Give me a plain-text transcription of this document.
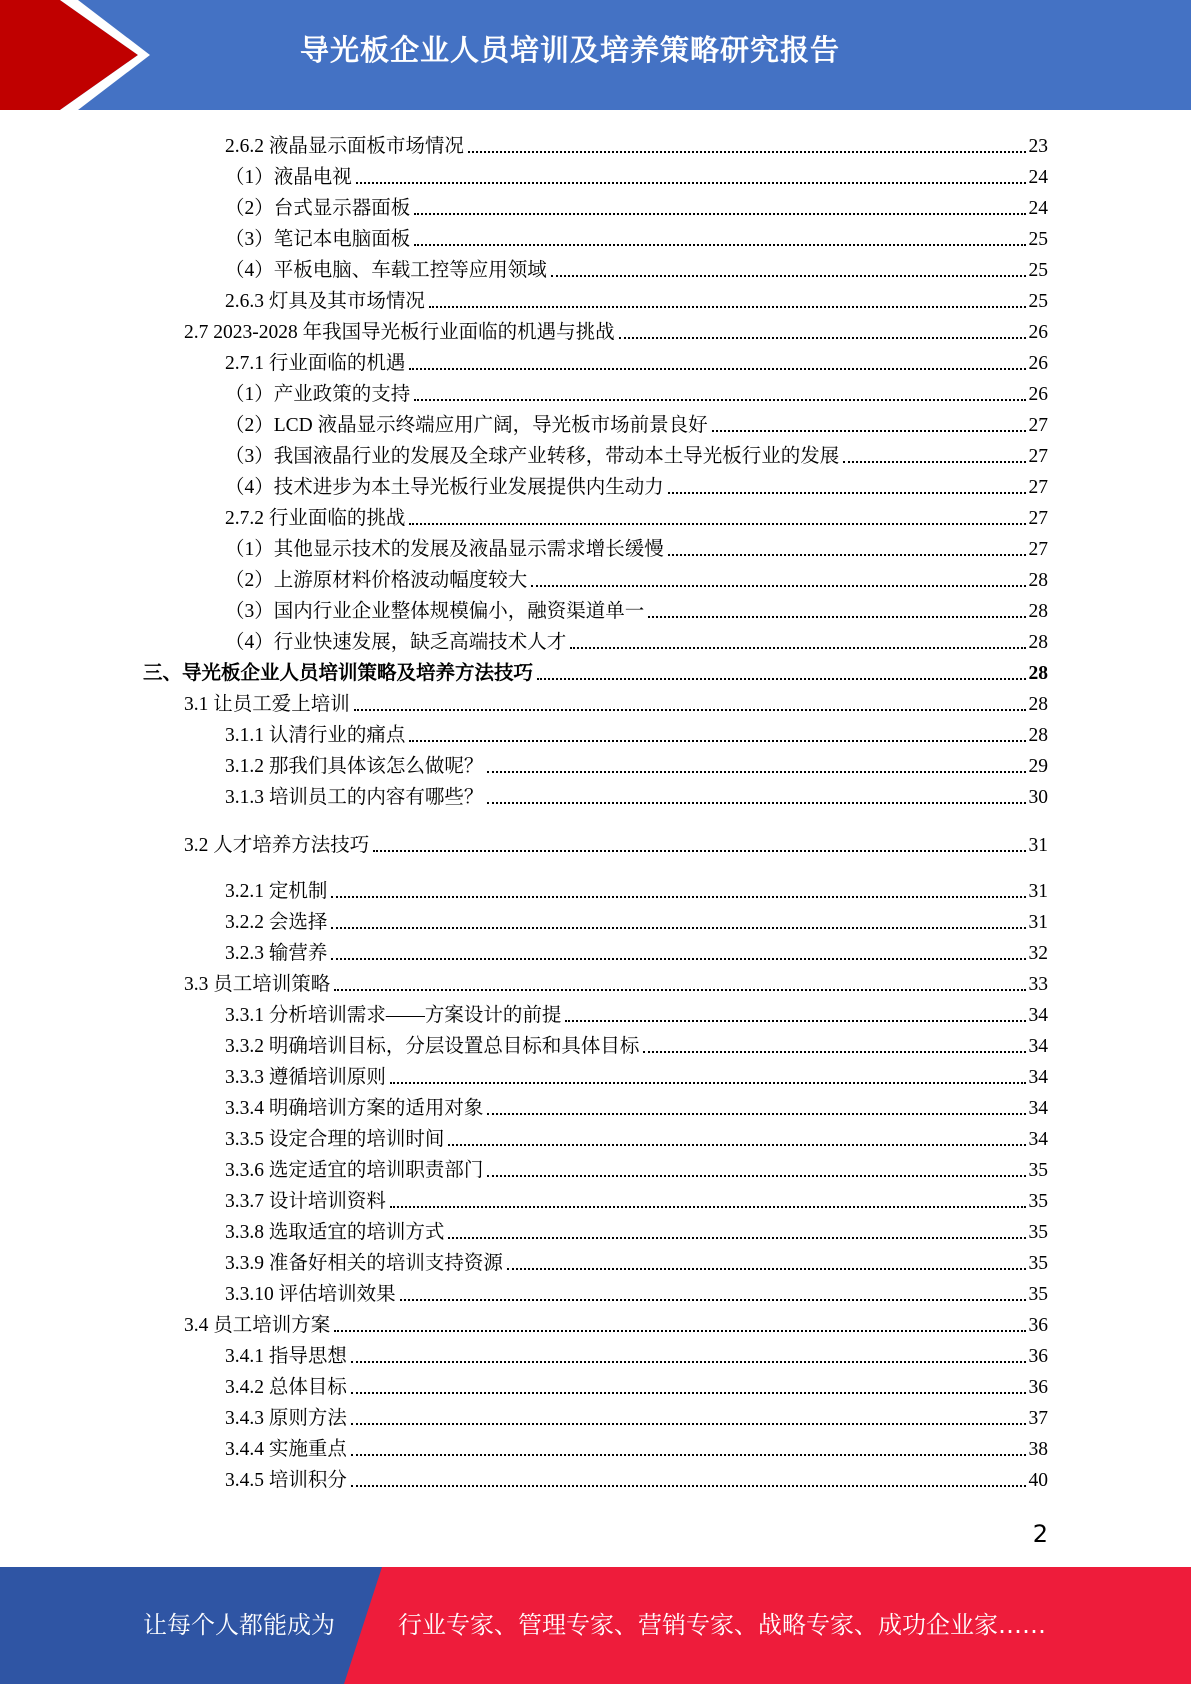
导光板企业人员培训及培养策略研究报告
2.6.2 液晶显示面板市场情况	23
（1）液晶电视	24
（2）台式显示器面板	24
（3）笔记本电脑面板	25
（4）平板电脑、车载工控等应用领域	25
2.6.3 灯具及其市场情况	25
2.7 2023-2028 年我国导光板行业面临的机遇与挑战	26
2.7.1 行业面临的机遇	26
（1）产业政策的支持	26
（2）LCD 液晶显示终端应用广阔，导光板市场前景良好	27
（3）我国液晶行业的发展及全球产业转移，带动本土导光板行业的发展	27
（4）技术进步为本土导光板行业发展提供内生动力	27
2.7.2 行业面临的挑战	27
（1）其他显示技术的发展及液晶显示需求增长缓慢	27
（2）上游原材料价格波动幅度较大	28
（3）国内行业企业整体规模偏小，融资渠道单一	28
（4）行业快速发展，缺乏高端技术人才	28
三、导光板企业人员培训策略及培养方法技巧	28
3.1 让员工爱上培训	28
3.1.1 认清行业的痛点	28
3.1.2 那我们具体该怎么做呢？	29
3.1.3 培训员工的内容有哪些？	30
3.2 人才培养方法技巧	31
3.2.1 定机制	31
3.2.2 会选择	31
3.2.3 输营养	32
3.3 员工培训策略	33
3.3.1 分析培训需求——方案设计的前提	34
3.3.2 明确培训目标，分层设置总目标和具体目标	34
3.3.3 遵循培训原则	34
3.3.4 明确培训方案的适用对象	34
3.3.5 设定合理的培训时间	34
3.3.6 选定适宜的培训职责部门	35
3.3.7 设计培训资料	35
3.3.8 选取适宜的培训方式	35
3.3.9 准备好相关的培训支持资源	35
3.3.10 评估培训效果	35
3.4 员工培训方案	36
3.4.1 指导思想	36
3.4.2 总体目标	36
3.4.3 原则方法	37
3.4.4 实施重点	38
3.4.5 培训积分	40
2
让每个人都能成为	行业专家、管理专家、营销专家、战略专家、成功企业家……
